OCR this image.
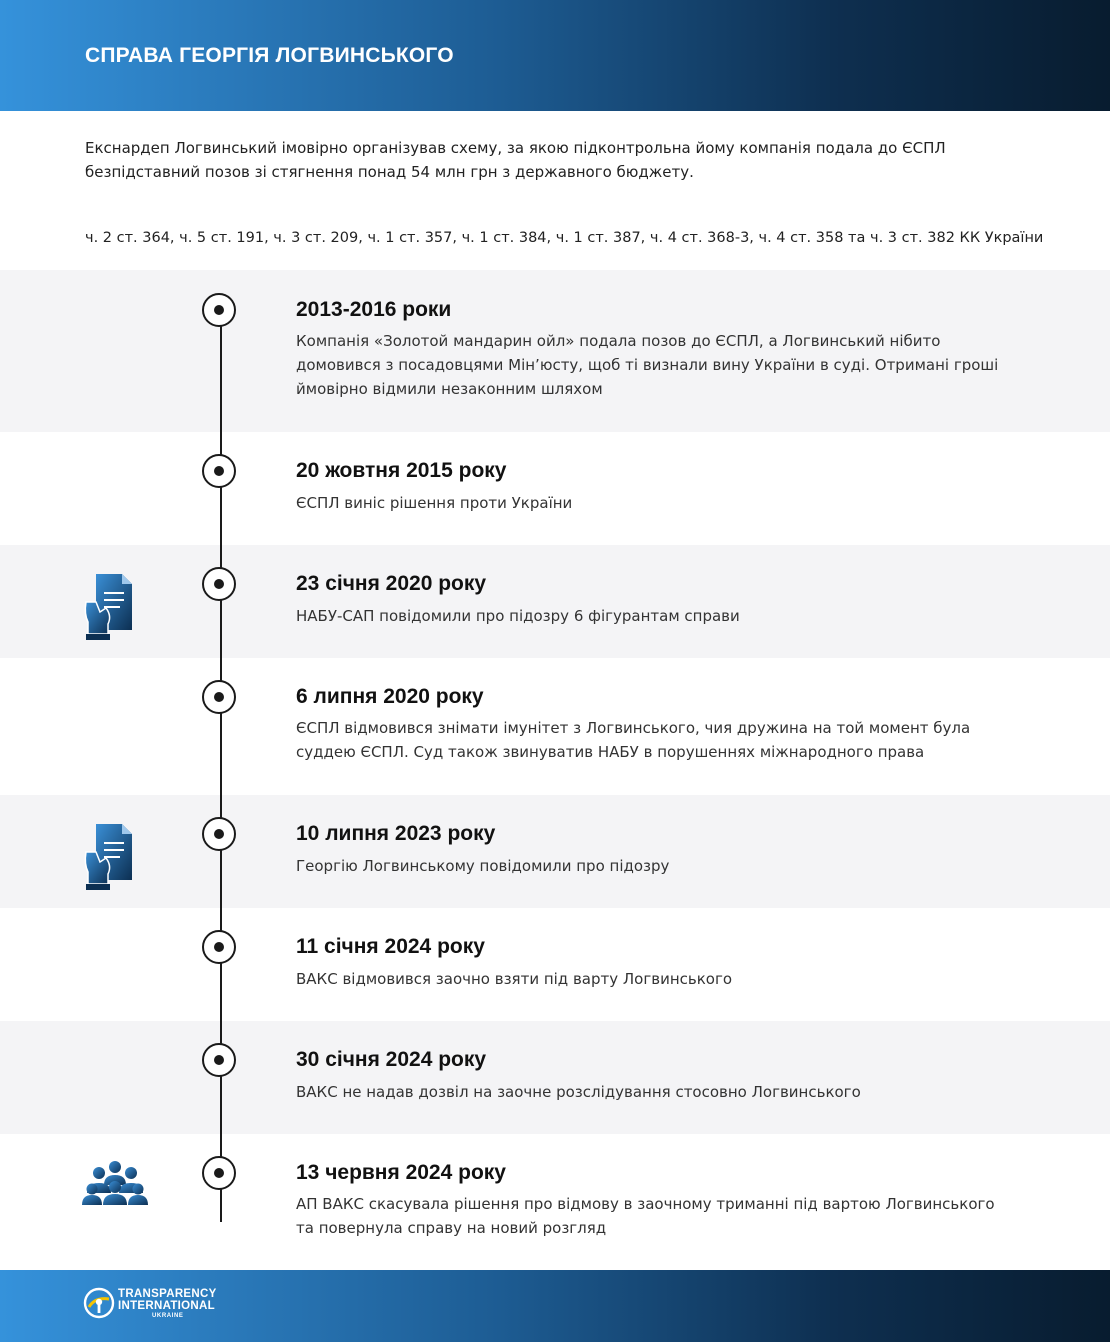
СПРАВА ГЕОРГІЯ ЛОГВИНСЬКОГО
Екснардеп Логвинський імовірно організував схему, за якою підконтрольна йому компанія подала до ЄСПЛ безпідставний позов зі стягнення понад 54 млн грн з державного бюджету.
ч. 2 ст. 364, ч. 5 ст. 191, ч. 3 ст. 209, ч. 1 ст. 357, ч. 1 ст. 384, ч. 1 ст. 387, ч. 4 ст. 368-3, ч. 4 ст. 358 та ч. 3 ст. 382 КК України
2013-2016 роки
Компанія «Золотой мандарин ойл» подала позов до ЄСПЛ, а Логвинський нібито домовився з посадовцями Мін’юсту, щоб ті визнали вину України в суді. Отримані гроші ймовірно відмили незаконним шляхом
20 жовтня 2015 року
ЄСПЛ виніс рішення проти України
23 січня 2020 року
НАБУ-САП повідомили про підозру 6 фігурантам справи
6 липня 2020 року
ЄСПЛ відмовився знімати імунітет з Логвинського, чия дружина на той момент була суддею ЄСПЛ. Суд також звинуватив НАБУ в порушеннях міжнародного права
10 липня 2023 року
Георгію Логвинському повідомили про підозру
11 січня 2024 року
ВАКС відмовився заочно взяти під варту Логвинського
30 січня 2024 року
ВАКС не надав дозвіл на заочне розслідування стосовно Логвинського
13 червня 2024 року
АП ВАКС скасувала рішення про відмову в заочному триманні під вартою Логвинського та повернула справу на новий розгляд
TRANSPARENCY
INTERNATIONAL
UKRAINE
